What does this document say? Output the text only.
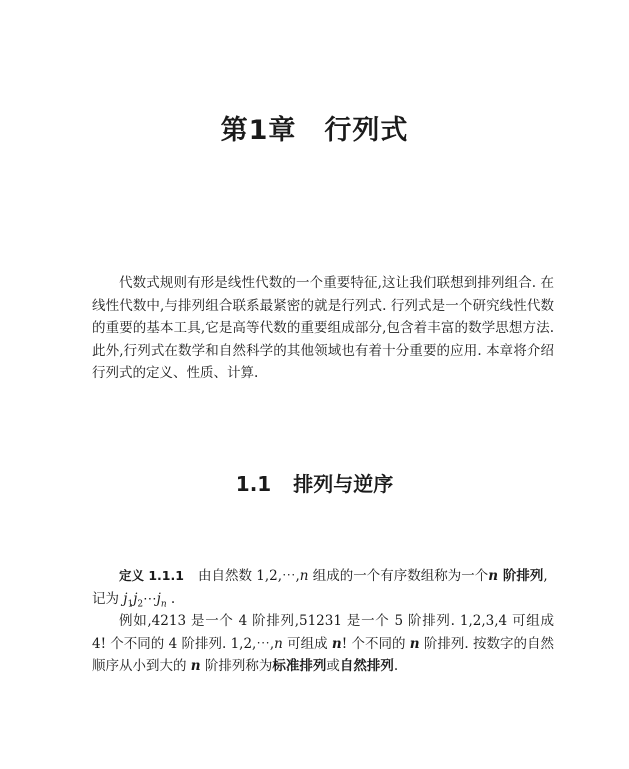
第1章 行列式

代数式规则有形是线性代数的一个重要特征,这让我们联想到排列组合. 在线性代数中,与排列组合联系最紧密的就是行列式. 行列式是一个研究线性代数的重要的基本工具,它是高等代数的重要组成部分,包含着丰富的数学思想方法. 此外,行列式在数学和自然科学的其他领域也有着十分重要的应用. 本章将介绍行列式的定义、性质、计算.

1.1 排列与逆序

定义 1.1.1 由自然数 1,2,⋯,n 组成的一个有序数组称为一个n 阶排列,
记为 $j_1j_2\cdots j_n$ .

例如,4213 是一个 4 阶排列,51231 是一个 5 阶排列. 1,2,3,4 可组成 4! 个不同的 4 阶排列. 1,2,⋯,n 可组成 n! 个不同的 n 阶排列. 按数字的自然顺序从小到大的 n 阶排列称为标准排列或自然排列.
